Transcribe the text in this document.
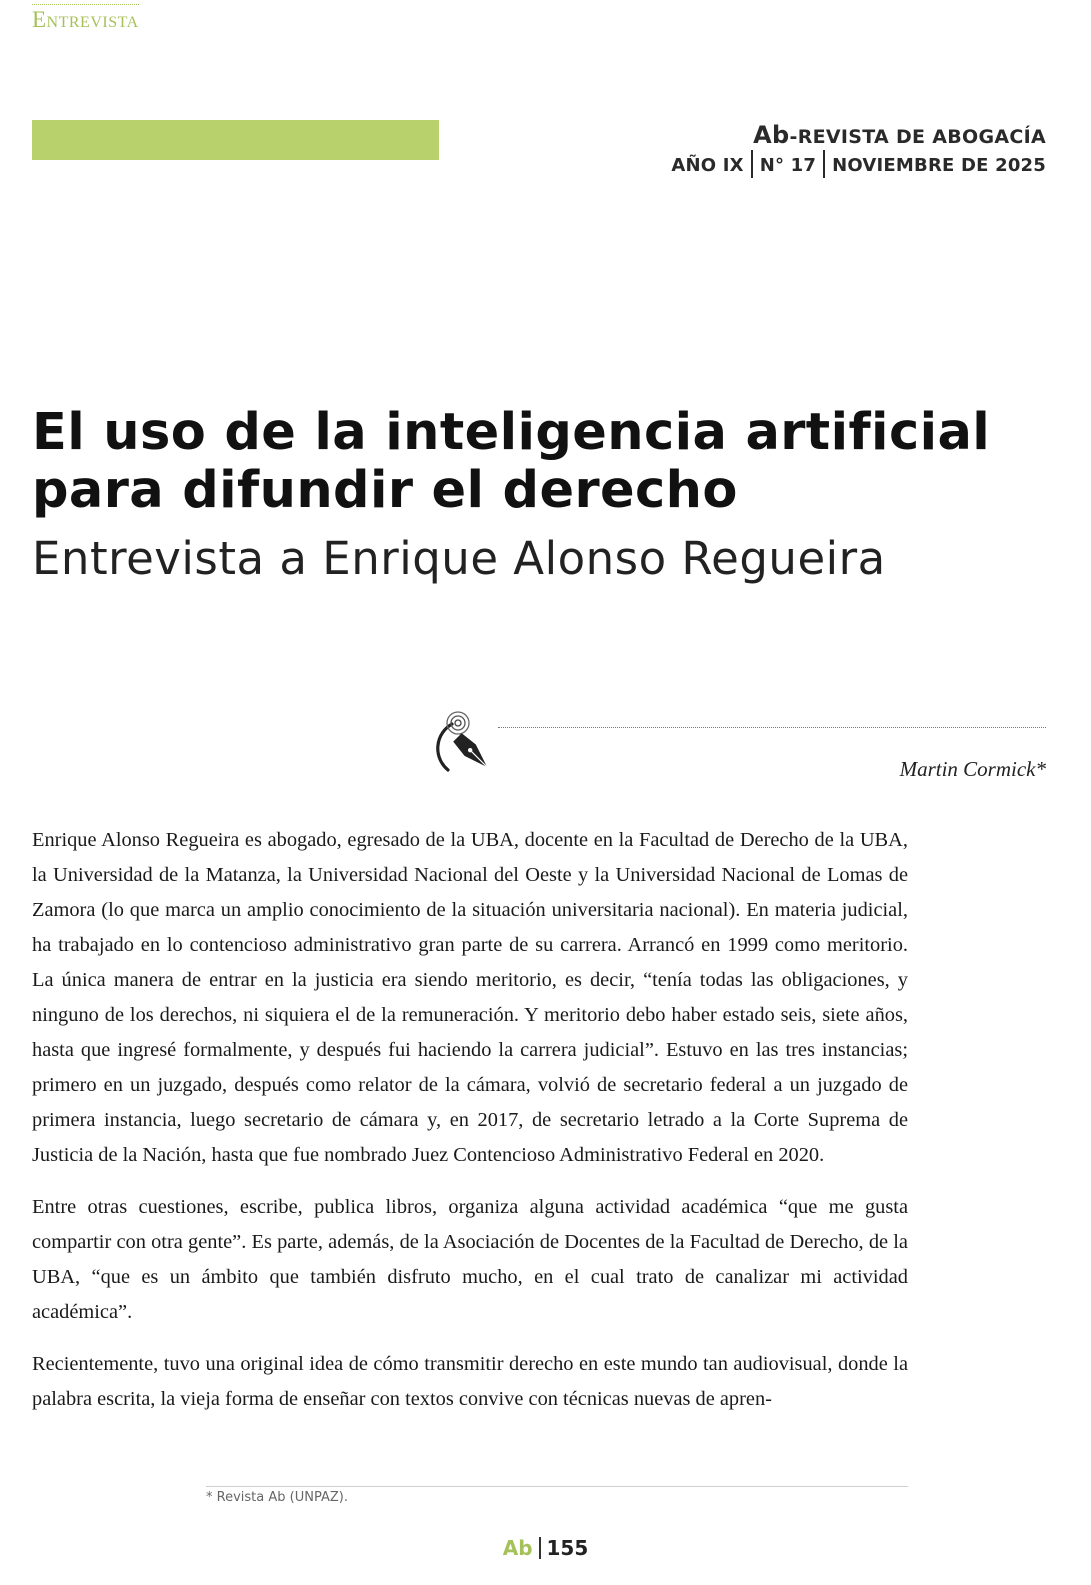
Entrevista
Ab-REVISTA DE ABOGACÍA
AÑO IX N° 17 NOVIEMBRE DE 2025
El uso de la inteligencia artificial
para difundir el derecho
Entrevista a Enrique Alonso Regueira
Martin Cormick*

Enrique Alonso Regueira es abogado, egresado de la UBA, docente en la Facultad de Derecho de la UBA, la Universidad de la Matanza, la Universidad Nacional del Oeste y la Universidad Nacional de Lomas de Zamora (lo que marca un amplio conocimiento de la situación universitaria nacional). En materia judicial, ha trabajado en lo contencioso administrativo gran parte de su carrera. Arrancó en 1999 como meritorio. La única manera de entrar en la justicia era siendo meritorio, es decir, “tenía todas las obligaciones, y ninguno de los derechos, ni siquiera el de la remuneración. Y meritorio debo haber estado seis, siete años, hasta que ingresé formalmente, y después fui haciendo la carrera judicial”. Estuvo en las tres instancias; primero en un juzgado, después como relator de la cámara, volvió de secretario federal a un juzgado de primera instancia, luego secretario de cámara y, en 2017, de secretario letrado a la Corte Suprema de Justicia de la Nación, hasta que fue nombrado Juez Contencioso Administrativo Federal en 2020.

Entre otras cuestiones, escribe, publica libros, organiza alguna actividad académica “que me gusta compartir con otra gente”. Es parte, además, de la Asociación de Docentes de la Facultad de Derecho, de la UBA, “que es un ámbito que también disfruto mucho, en el cual trato de canalizar mi actividad académica”.

Recientemente, tuvo una original idea de cómo transmitir derecho en este mundo tan audiovisual, donde la palabra escrita, la vieja forma de enseñar con textos convive con técnicas nuevas de apren-

* Revista Ab (UNPAZ).
Ab 155
